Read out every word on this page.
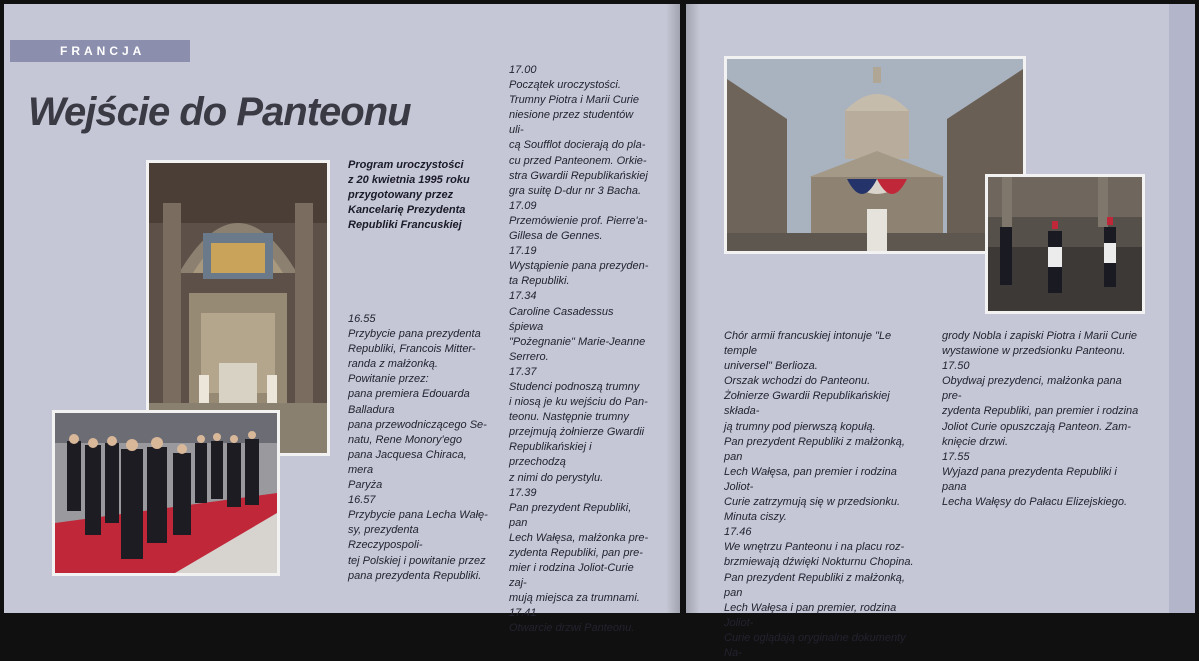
FRANCJA
Wejście do Panteonu
Program uroczystości
z 20 kwietnia 1995 roku
przygotowany przez
Kancelarię Prezydenta
Republiki Francuskiej

16.55

Przybycie pana prezydenta

Republiki, Francois Mitter-

randa z małżonką.

Powitanie przez:

pana premiera Edouarda

Balladura

pana przewodniczącego Se-

natu, Rene Monory'ego

pana Jacquesa Chiraca, mera

Paryża

16.57

Przybycie pana Lecha Wałę-

sy, prezydenta Rzeczypospoli-

tej Polskiej i powitanie przez

pana prezydenta Republiki.

17.00

Początek uroczystości.

Trumny Piotra i Marii Curie

niesione przez studentów uli-

cą Soufflot docierają do pla-

cu przed Panteonem. Orkie-

stra Gwardii Republikańskiej

gra suitę D-dur nr 3 Bacha.

17.09

Przemówienie prof. Pierre'a-

Gillesa de Gennes.

17.19

Wystąpienie pana prezyden-

ta Republiki.

17.34

Caroline Casadessus śpiewa

"Pożegnanie" Marie-Jeanne

Serrero.

17.37

Studenci podnoszą trumny

i niosą je ku wejściu do Pan-

teonu. Następnie trumny

przejmują żołnierze Gwardii

Republikańskiej i przechodzą

z nimi do perystylu.

17.39

Pan prezydent Republiki, pan

Lech Wałęsa, małżonka pre-

zydenta Republiki, pan pre-

mier i rodzina Joliot-Curie zaj-

mują miejsca za trumnami.

17.41

Otwarcie drzwi Panteonu.

Chór armii francuskiej intonuje "Le temple

universel" Berlioza.

Orszak wchodzi do Panteonu.

Żołnierze Gwardii Republikańskiej składa-

ją trumny pod pierwszą kopułą.

Pan prezydent Republiki z małżonką, pan

Lech Wałęsa, pan premier i rodzina Joliot-

Curie zatrzymują się w przedsionku.

Minuta ciszy.

17.46

We wnętrzu Panteonu i na placu roz-

brzmiewają dźwięki Nokturnu Chopina.

Pan prezydent Republiki z małżonką, pan

Lech Wałęsa i pan premier, rodzina Joliot-

Curie oglądają oryginalne dokumenty Na-

grody Nobla i zapiski Piotra i Marii Curie

wystawione w przedsionku Panteonu.

17.50

Obydwaj prezydenci, małżonka pana pre-

zydenta Republiki, pan premier i rodzina

Joliot Curie opuszczają Panteon. Zam-

knięcie drzwi.

17.55

Wyjazd pana prezydenta Republiki i pana

Lecha Wałęsy do Pałacu Elizejskiego.
